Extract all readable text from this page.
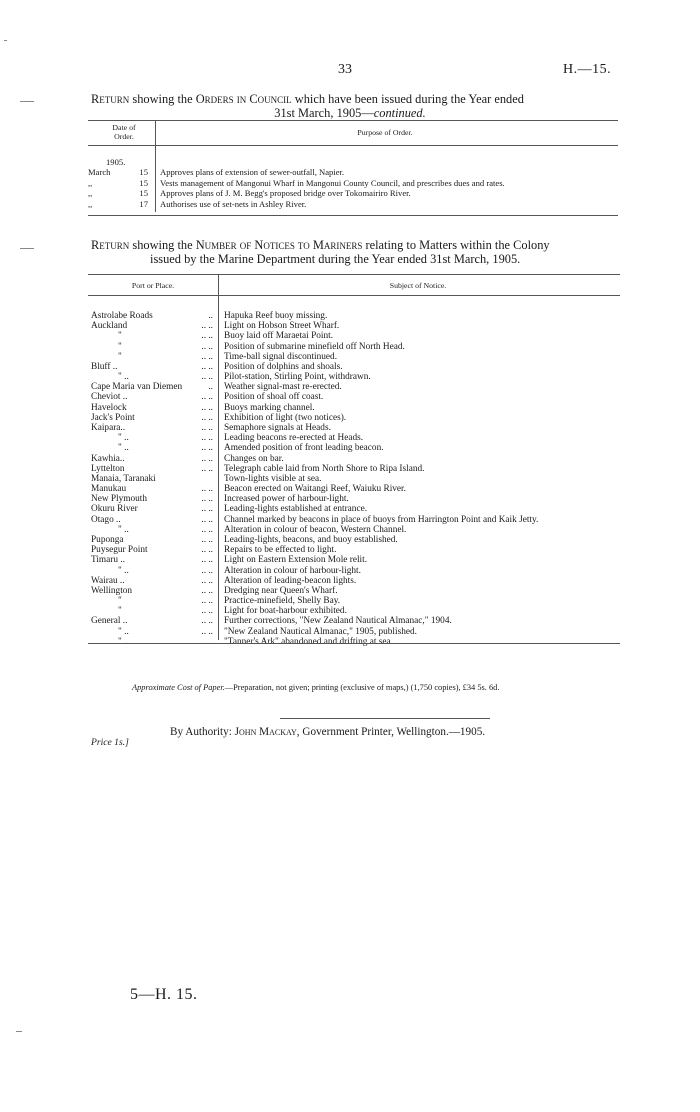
33	H.—15.
Return showing the Orders in Council which have been issued during the Year ended
31st March, 1905—continued.
Date of
Order.	Purpose of Order.
1905.
March	15 Approves plans of extension of sewer-outfall, Napier.
,,	15 Vests management of Mangonui Wharf in Mangonui County Council, and prescribes dues and rates.
,,	15 Approves plans of J. M. Begg's proposed bridge over Tokomairiro River.
,,	17 Authorises use of set-nets in Ashley River.
Return showing the Number of Notices to Mariners relating to Matters within the Colony
issued by the Marine Department during the Year ended 31st March, 1905.
Port or Place.	Subject of Notice.
Astrolabe Roads	.. Hapuka Reef buoy missing.
Auckland	.. .. Light on Hobson Street Wharf.
"	.. .. Buoy laid off Maraetai Point.
"	.. .. Position of submarine minefield off North Head.
"	.. .. Time-ball signal discontinued.
Bluff ..	.. .. Position of dolphins and shoals.
" ..	.. .. Pilot-station, Stirling Point, withdrawn.
Cape Maria van Diemen	.. Weather signal-mast re-erected.
Cheviot ..	.. .. Position of shoal off coast.
Havelock	.. .. Buoys marking channel.
Jack's Point	.. .. Exhibition of light (two notices).
Kaipara..	.. .. Semaphore signals at Heads.
" ..	.. .. Leading beacons re-erected at Heads.
" ..	.. .. Amended position of front leading beacon.
Kawhia..	.. .. Changes on bar.
Lyttelton	.. .. Telegraph cable laid from North Shore to Ripa Island.
Manaia, Taranaki	Town-lights visible at sea.
Manukau	.. .. Beacon erected on Waitangi Reef, Waiuku River.
New Plymouth	.. .. Increased power of harbour-light.
Okuru River	.. .. Leading-lights established at entrance.
Otago ..	.. .. Channel marked by beacons in place of buoys from Harrington Point and Kaik Jetty.
" ..	.. .. Alteration in colour of beacon, Western Channel.
Puponga	.. .. Leading-lights, beacons, and buoy established.
Puysegur Point	.. .. Repairs to be effected to light.
Timaru ..	.. .. Light on Eastern Extension Mole relit.
" ..	.. .. Alteration in colour of harbour-light.
Wairau ..	.. .. Alteration of leading-beacon lights.
Wellington	.. .. Dredging near Queen's Wharf.
"	.. .. Practice-minefield, Shelly Bay.
"	.. .. Light for boat-harbour exhibited.
General ..	.. .. Further corrections, "New Zealand Nautical Almanac," 1904.
" ..	.. .. "New Zealand Nautical Almanac," 1905, published.
" ..	.. .. "Tanner's Ark" abandoned and drifting at sea.
Approximate Cost of Paper.—Preparation, not given; printing (exclusive of maps,) (1,750 copies), £34 5s. 6d.
By Authority: John Mackay, Government Printer, Wellington.—1905.
Price 1s.]
5—H. 15.
